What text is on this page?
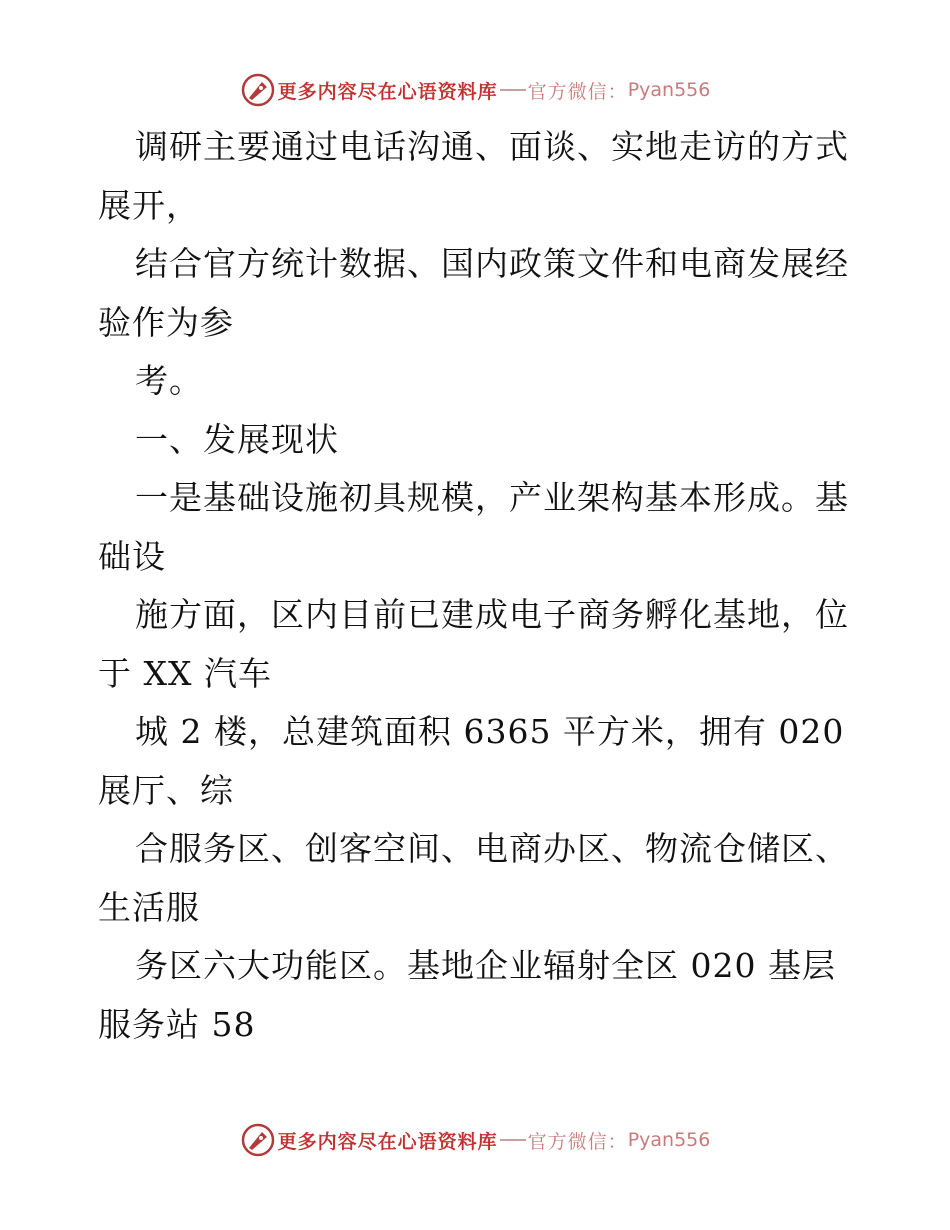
更多内容尽在心语资料库 官方微信： Pyan556
调研主要通过电话沟通、面谈、实地走访的方式
展开，
结合官方统计数据、国内政策文件和电商发展经
验作为参
考。
一、发展现状
一是基础设施初具规模，产业架构基本形成。基
础设
施方面，区内目前已建成电子商务孵化基地，位
于 XX 汽车
城 2 楼，总建筑面积 6365 平方米，拥有 020
展厅、综
合服务区、创客空间、电商办区、物流仓储区、
生活服
务区六大功能区。基地企业辐射全区 020 基层
服务站 58
更多内容尽在心语资料库 官方微信： Pyan556
